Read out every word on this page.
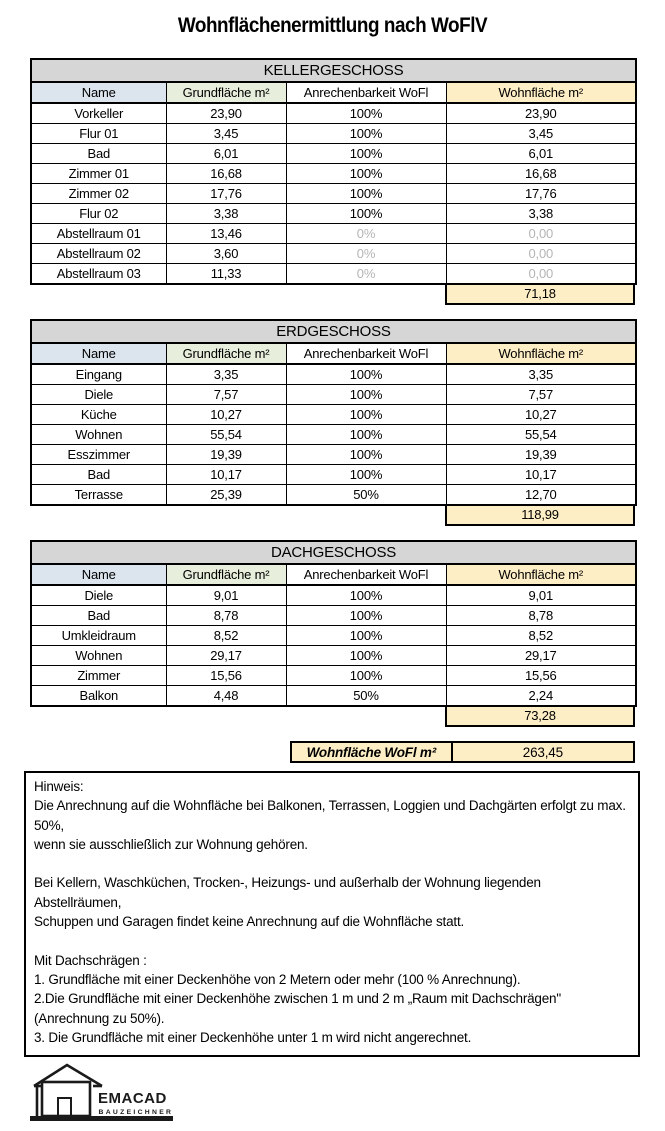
Wohnflächenermittlung nach WoFlV
KELLERGESCHOSS			
Name	Grundfläche m²	Anrechenbarkeit WoFl	Wohnfläche m²
Vorkeller	23,90	100%	23,90
Flur 01	3,45	100%	3,45
Bad	6,01	100%	6,01
Zimmer 01	16,68	100%	16,68
Zimmer 02	17,76	100%	17,76
Flur 02	3,38	100%	3,38
Abstellraum 01	13,46	0%	0,00
Abstellraum 02	3,60	0%	0,00
Abstellraum 03	11,33	0%	0,00
71,18
ERDGESCHOSS			
Name	Grundfläche m²	Anrechenbarkeit WoFl	Wohnfläche m²
Eingang	3,35	100%	3,35
Diele	7,57	100%	7,57
Küche	10,27	100%	10,27
Wohnen	55,54	100%	55,54
Esszimmer	19,39	100%	19,39
Bad	10,17	100%	10,17
Terrasse	25,39	50%	12,70
118,99
DACHGESCHOSS			
Name	Grundfläche m²	Anrechenbarkeit WoFl	Wohnfläche m²
Diele	9,01	100%	9,01
Bad	8,78	100%	8,78
Umkleidraum	8,52	100%	8,52
Wohnen	29,17	100%	29,17
Zimmer	15,56	100%	15,56
Balkon	4,48	50%	2,24
73,28
Wohnfläche WoFl m²	263,45
Hinweis:
Die Anrechnung auf die Wohnfläche bei Balkonen, Terrassen, Loggien und Dachgärten erfolgt zu max. 50%,
wenn sie ausschließlich zur Wohnung gehören.
Bei Kellern, Waschküchen, Trocken-, Heizungs- und außerhalb der Wohnung liegenden Abstellräumen,
Schuppen und Garagen findet keine Anrechnung auf die Wohnfläche statt.
Mit Dachschrägen :
1. Grundfläche mit einer Deckenhöhe von 2 Metern oder mehr (100 % Anrechnung).
2.Die Grundfläche mit einer Deckenhöhe zwischen 1 m und 2 m „Raum mit Dachschrägen"
(Anrechnung zu 50%).
3. Die Grundfläche mit einer Deckenhöhe unter 1 m wird nicht angerechnet.
EMACAD
BAUZEICHNER
